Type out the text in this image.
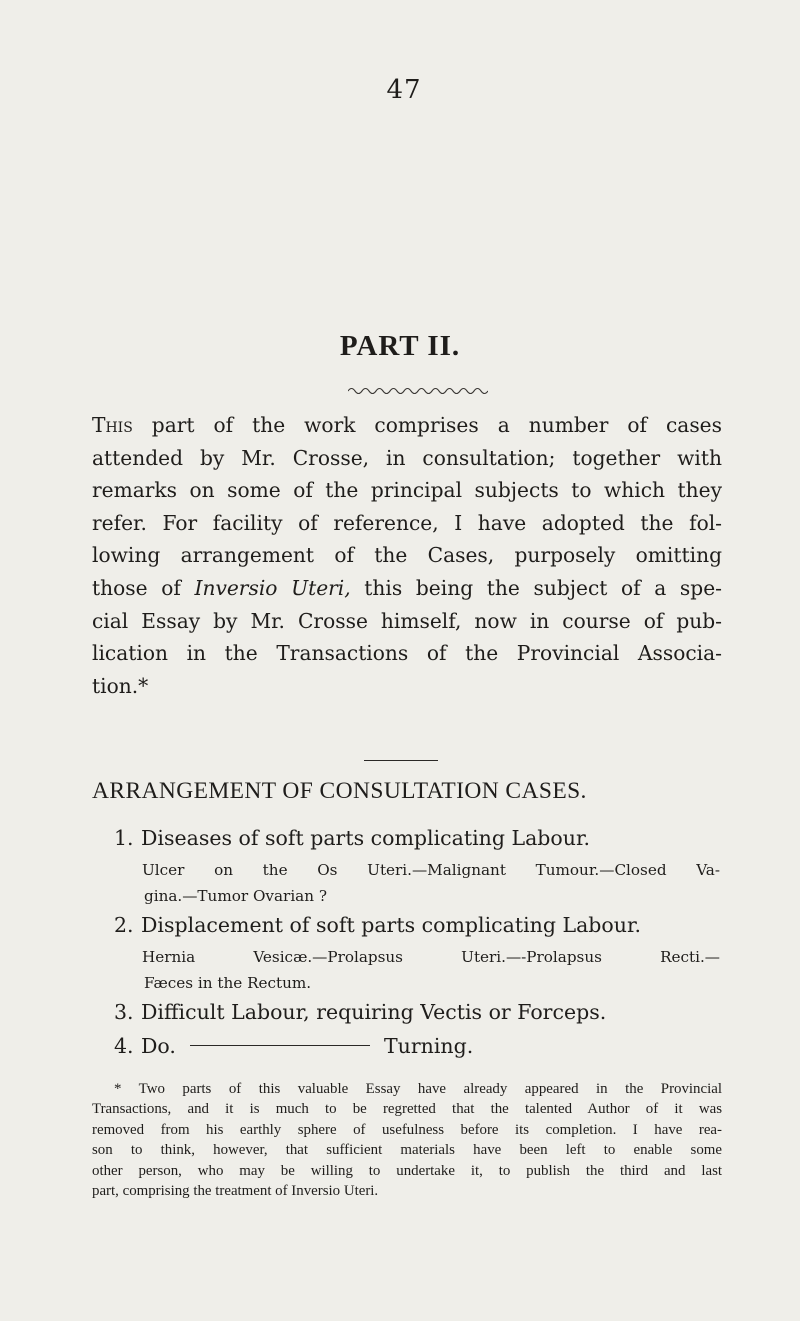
47
PART II.
This part of the work comprises a number of cases
attended by Mr. Crosse, in consultation; together with
remarks on some of the principal subjects to which they
refer. For facility of reference, I have adopted the fol-
lowing arrangement of the Cases, purposely omitting
those of Inversio Uteri, this being the subject of a spe-
cial Essay by Mr. Crosse himself, now in course of pub-
lication in the Transactions of the Provincial Associa-
tion.*
ARRANGEMENT OF CONSULTATION CASES.
1. Diseases of soft parts complicating Labour.
Ulcer on the Os Uteri.—Malignant Tumour.—Closed Va-
gina.—Tumor Ovarian ?
2. Displacement of soft parts complicating Labour.
Hernia Vesicæ.—Prolapsus Uteri.—-Prolapsus Recti.—
Fæces in the Rectum.
3. Difficult Labour, requiring Vectis or Forceps.
4. Do.	Turning.
* Two parts of this valuable Essay have already appeared in the Provincial
Transactions, and it is much to be regretted that the talented Author of it was
removed from his earthly sphere of usefulness before its completion. I have rea-
son to think, however, that sufficient materials have been left to enable some
other person, who may be willing to undertake it, to publish the third and last
part, comprising the treatment of Inversio Uteri.
